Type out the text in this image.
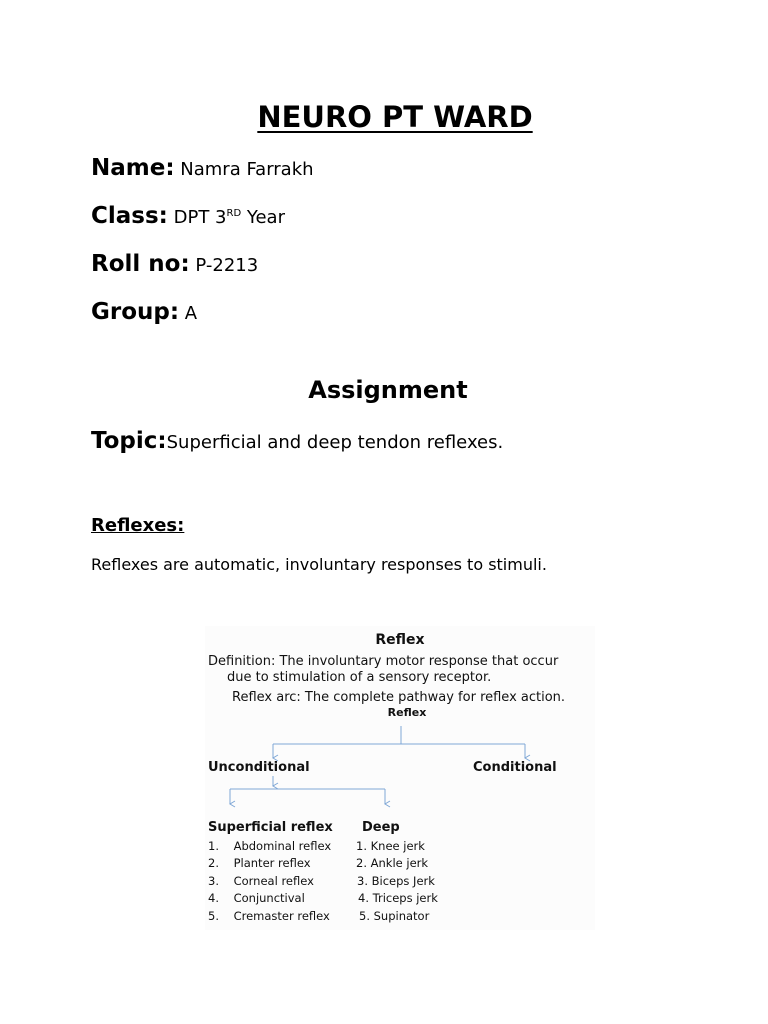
NEURO PT WARD
Name: Namra Farrakh
Class: DPT 3RD Year
Roll no: P-2213
Group: A
Assignment
Topic:Superficial and deep tendon reflexes.
Reflexes:
Reflexes are automatic, involuntary responses to stimuli.
Reflex
Definition: The involuntary motor response that occur
due to stimulation of a sensory receptor.
Reflex arc: The complete pathway for reflex action.
Reflex
Unconditional	Conditional
Superficial reflex Deep
1.    Abdominal reflex
2.    Planter reflex
3.    Corneal reflex
4.    Conjunctival
5.    Cremaster reflex
1. Knee jerk
2. Ankle jerk
3. Biceps Jerk
4. Triceps jerk
5. Supinator
